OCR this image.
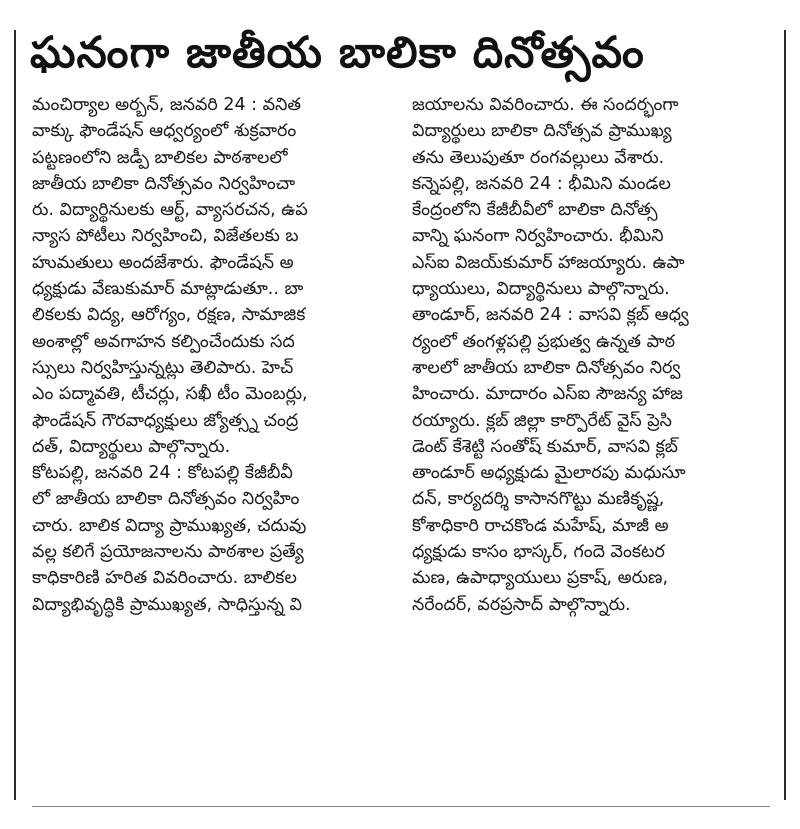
ఘనంగా జాతీయ బాలికా దినోత్సవం
మంచిర్యాల అర్బన్, జనవరి 24 : వనిత
వాక్కు ఫౌండేషన్ ఆధ్వర్యంలో శుక్రవారం
పట్టణంలోని జడ్పీ బాలికల పాఠశాలలో
జాతీయ బాలికా దినోత్సవం నిర్వహించా
రు. విద్యార్థినులకు ఆర్ట్, వ్యాసరచన, ఉప
న్యాస పోటీలు నిర్వహించి, విజేతలకు బ
హుమతులు అందజేశారు. ఫౌండేషన్ అ
ధ్యక్షుడు వేణుకుమార్ మాట్లాడుతూ.. బా
లికలకు విద్య, ఆరోగ్యం, రక్షణ, సామాజిక
అంశాల్లో అవగాహన కల్పించేందుకు సద
స్సులు నిర్వహిస్తున్నట్లు తెలిపారు. హెచ్
ఎం పద్మావతి, టీచర్లు, సఖీ టీం మెంబర్లు,
ఫౌండేషన్ గౌరవాధ్యక్షులు జ్యోత్స్న చంద్ర
దత్, విద్యార్థులు పాల్గొన్నారు.
కోటపల్లి, జనవరి 24 : కోటపల్లి కేజీబీవీ
లో జాతీయ బాలికా దినోత్సవం నిర్వహిం
చారు. బాలిక విద్యా ప్రాముఖ్యత, చదువు
వల్ల కలిగే ప్రయోజనాలను పాఠశాల ప్రత్యే
కాధికారిణి హరిత వివరించారు. బాలికల
విద్యాభివృద్ధికి ప్రాముఖ్యత, సాధిస్తున్న వి
జయాలను వివరించారు. ఈ సందర్భంగా
విద్యార్థులు బాలికా దినోత్సవ ప్రాముఖ్య
తను తెలుపుతూ రంగవల్లులు వేశారు.
కన్నెపల్లి, జనవరి 24 : భీమిని మండల
కేంద్రంలోని కేజీబీవీలో బాలికా దినోత్స
వాన్ని ఘనంగా నిర్వహించారు. భీమిని
ఎస్ఐ విజయ్‌కుమార్ హాజయ్యారు. ఉపా
ధ్యాయులు, విద్యార్థినులు పాల్గొన్నారు.
తాండూర్, జనవరి 24 : వాసవి క్లబ్ ఆధ్వ
ర్యంలో తంగళ్లపల్లి ప్రభుత్వ ఉన్నత పాఠ
శాలలో జాతీయ బాలికా దినోత్సవం నిర్వ
హించారు. మాదారం ఎస్ఐ సౌజన్య హాజ
రయ్యారు. క్లబ్ జిల్లా కార్పొరేట్ వైస్ ప్రెసి
డెంట్ కేశెట్టి సంతోష్ కుమార్, వాసవి క్లబ్
తాండూర్ అధ్యక్షుడు మైలారపు మధుసూ
దన్, కార్యదర్శి కాసానగొట్టు మణికృష్ణ,
కోశాధికారి రాచకొండ మహేష్, మాజీ అ
ధ్యక్షుడు కాసం భాస్కర్, గందె వెంకటర
మణ, ఉపాధ్యాయులు ప్రకాష్, అరుణ,
నరేందర్, వరప్రసాద్ పాల్గొన్నారు.
